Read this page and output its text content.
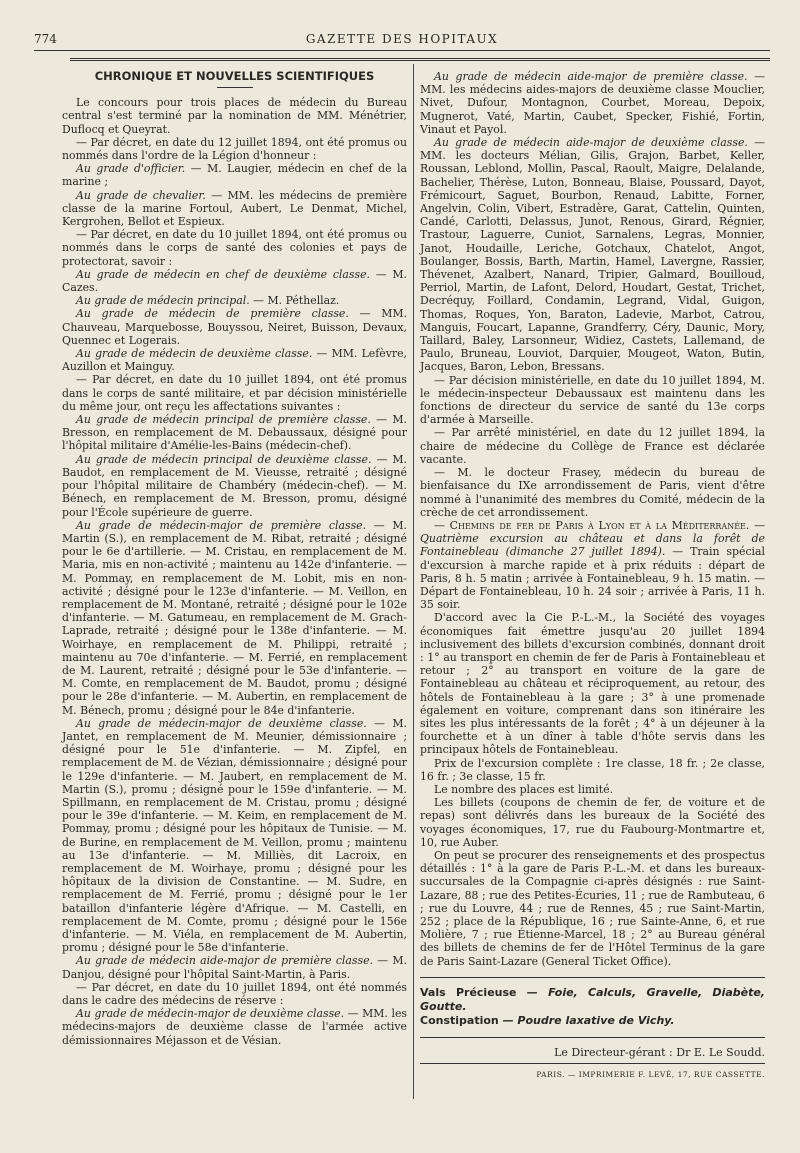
774	GAZETTE DES HOPITAUX
CHRONIQUE ET NOUVELLES SCIENTIFIQUES

Le concours pour trois places de médecin du Bureau central s'est terminé par la nomination de MM. Ménétrier, Duflocq et Queyrat.

— Par décret, en date du 12 juillet 1894, ont été promus ou nommés dans l'ordre de la Légion d'honneur :

Au grade d'officier. — M. Laugier, médecin en chef de la marine ;

Au grade de chevalier. — MM. les médecins de première classe de la marine Fortoul, Aubert, Le Denmat, Michel, Kergrohen, Bellot et Espieux.

— Par décret, en date du 10 juillet 1894, ont été promus ou nommés dans le corps de santé des colonies et pays de protectorat, savoir :

Au grade de médecin en chef de deuxième classe. — M. Cazes.

Au grade de médecin principal. — M. Péthellaz.

Au grade de médecin de première classe. — MM. Chauveau, Marquebosse, Bouyssou, Neiret, Buisson, Devaux, Quennec et Logerais.

Au grade de médecin de deuxième classe. — MM. Lefèvre, Auzillon et Mainguy.

— Par décret, en date du 10 juillet 1894, ont été promus dans le corps de santé militaire, et par décision ministérielle du même jour, ont reçu les affectations suivantes :

Au grade de médecin principal de première classe. — M. Bresson, en remplacement de M. Debaussaux, désigné pour l'hôpital militaire d'Amélie-les-Bains (médecin-chef).

Au grade de médecin principal de deuxième classe. — M. Baudot, en remplacement de M. Vieusse, retraité ; désigné pour l'hôpital militaire de Chambéry (médecin-chef). — M. Bénech, en remplacement de M. Bresson, promu, désigné pour l'École supérieure de guerre.

Au grade de médecin-major de première classe. — M. Martin (S.), en remplacement de M. Ribat, retraité ; désigné pour le 6e d'artillerie. — M. Cristau, en remplacement de M. Maria, mis en non-activité ; maintenu au 142e d'infanterie. — M. Pommay, en remplacement de M. Lobit, mis en non-activité ; désigné pour le 123e d'infanterie. — M. Veillon, en remplacement de M. Montané, retraité ; désigné pour le 102e d'infanterie. — M. Gatumeau, en remplacement de M. Grach-Laprade, retraité ; désigné pour le 138e d'infanterie. — M. Woirhaye, en remplacement de M. Philippi, retraité ; maintenu au 70e d'infanterie. — M. Ferrié, en remplacement de M. Laurent, retraité ; désigné pour le 53e d'infanterie. — M. Comte, en remplacement de M. Baudot, promu ; désigné pour le 28e d'infanterie. — M. Aubertin, en remplacement de M. Bénech, promu ; désigné pour le 84e d'infanterie.

Au grade de médecin-major de deuxième classe. — M. Jantet, en remplacement de M. Meunier, démissionnaire ; désigné pour le 51e d'infanterie. — M. Zipfel, en remplacement de M. de Vézian, démissionnaire ; désigné pour le 129e d'infanterie. — M. Jaubert, en remplacement de M. Martin (S.), promu ; désigné pour le 159e d'infanterie. — M. Spillmann, en remplacement de M. Cristau, promu ; désigné pour le 39e d'infanterie. — M. Keim, en remplacement de M. Pommay, promu ; désigné pour les hôpitaux de Tunisie. — M. de Burine, en remplacement de M. Veillon, promu ; maintenu au 13e d'infanterie. — M. Milliès, dit Lacroix, en remplacement de M. Woirhaye, promu ; désigné pour les hôpitaux de la division de Constantine. — M. Sudre, en remplacement de M. Ferrié, promu ; désigné pour le 1er bataillon d'infanterie légère d'Afrique. — M. Castelli, en remplacement de M. Comte, promu ; désigné pour le 156e d'infanterie. — M. Viéla, en remplacement de M. Aubertin, promu ; désigné pour le 58e d'infanterie.

Au grade de médecin aide-major de première classe. — M. Danjou, désigné pour l'hôpital Saint-Martin, à Paris.

— Par décret, en date du 10 juillet 1894, ont été nommés dans le cadre des médecins de réserve :

Au grade de médecin-major de deuxième classe. — MM. les médecins-majors de deuxième classe de l'armée active démissionnaires Méjasson et de Vésian.

Au grade de médecin aide-major de première classe. — MM. les médecins aides-majors de deuxième classe Mouclier, Nivet, Dufour, Montagnon, Courbet, Moreau, Depoix, Mugnerot, Vaté, Martin, Caubet, Specker, Fishié, Fortin, Vinaut et Payol.

Au grade de médecin aide-major de deuxième classe. — MM. les docteurs Mélian, Gilis, Grajon, Barbet, Keller, Roussan, Leblond, Mollin, Pascal, Raoult, Maigre, Delalande, Bachelier, Thérèse, Luton, Bonneau, Blaise, Poussard, Dayot, Frémicourt, Saguet, Bourbon, Renaud, Labitte, Forner, Angelvin, Colin, Vibert, Estradère, Garat, Cattelin, Quinten, Candé, Carlotti, Delassus, Junot, Renous, Girard, Régnier, Trastour, Laguerre, Cuniot, Sarnalens, Legras, Monnier, Janot, Houdaille, Leriche, Gotchaux, Chatelot, Angot, Boulanger, Bossis, Barth, Martin, Hamel, Lavergne, Rassier, Thévenet, Azalbert, Nanard, Tripier, Galmard, Bouilloud, Perriol, Martin, de Lafont, Delord, Houdart, Gestat, Trichet, Decréquy, Foillard, Condamin, Legrand, Vidal, Guigon, Thomas, Roques, Yon, Baraton, Ladevie, Marbot, Catrou, Manguis, Foucart, Lapanne, Grandferry, Céry, Daunic, Mory, Taillard, Baley, Larsonneur, Widiez, Castets, Lallemand, de Paulo, Bruneau, Louviot, Darquier, Mougeot, Waton, Butin, Jacques, Baron, Lebon, Bressans.

— Par décision ministérielle, en date du 10 juillet 1894, M. le médecin-inspecteur Debaussaux est maintenu dans les fonctions de directeur du service de santé du 13e corps d'armée à Marseille.

— Par arrêté ministériel, en date du 12 juillet 1894, la chaire de médecine du Collège de France est déclarée vacante.

— M. le docteur Frasey, médecin du bureau de bienfaisance du IXe arrondissement de Paris, vient d'être nommé à l'unanimité des membres du Comité, médecin de la crèche de cet arrondissement.

— Chemins de fer de Paris à Lyon et à la Méditerranée. — Quatrième excursion au château et dans la forêt de Fontainebleau (dimanche 27 juillet 1894). — Train spécial d'excursion à marche rapide et à prix réduits : départ de Paris, 8 h. 5 matin ; arrivée à Fontainebleau, 9 h. 15 matin. — Départ de Fontainebleau, 10 h. 24 soir ; arrivée à Paris, 11 h. 35 soir.

D'accord avec la Cie P.-L.-M., la Société des voyages économiques fait émettre jusqu'au 20 juillet 1894 inclusivement des billets d'excursion combinés, donnant droit : 1° au transport en chemin de fer de Paris à Fontainebleau et retour ; 2° au transport en voiture de la gare de Fontainebleau au château et réciproquement, au retour, des hôtels de Fontainebleau à la gare ; 3° à une promenade également en voiture, comprenant dans son itinéraire les sites les plus intéressants de la forêt ; 4° à un déjeuner à la fourchette et à un dîner à table d'hôte servis dans les principaux hôtels de Fontainebleau.

Prix de l'excursion complète : 1re classe, 18 fr. ; 2e classe, 16 fr. ; 3e classe, 15 fr.

Le nombre des places est limité.

Les billets (coupons de chemin de fer, de voiture et de repas) sont délivrés dans les bureaux de la Société des voyages économiques, 17, rue du Faubourg-Montmartre et, 10, rue Auber.

On peut se procurer des renseignements et des prospectus détaillés : 1° à la gare de Paris P.-L.-M. et dans les bureaux-succursales de la Compagnie ci-après désignés : rue Saint-Lazare, 88 ; rue des Petites-Écuries, 11 ; rue de Rambuteau, 6 ; rue du Louvre, 44 ; rue de Rennes, 45 ; rue Saint-Martin, 252 ; place de la République, 16 ; rue Sainte-Anne, 6, et rue Molière, 7 ; rue Étienne-Marcel, 18 ; 2° au Bureau général des billets de chemins de fer de l'Hôtel Terminus de la gare de Paris Saint-Lazare (General Ticket Office).

Vals Précieuse — Foie, Calculs, Gravelle, Diabète, Goutte.

Constipation — Poudre laxative de Vichy.

Le Directeur-gérant : Dr E. Le Soudd.

PARIS. — IMPRIMERIE F. LEVÉ, 17, RUE CASSETTE.
